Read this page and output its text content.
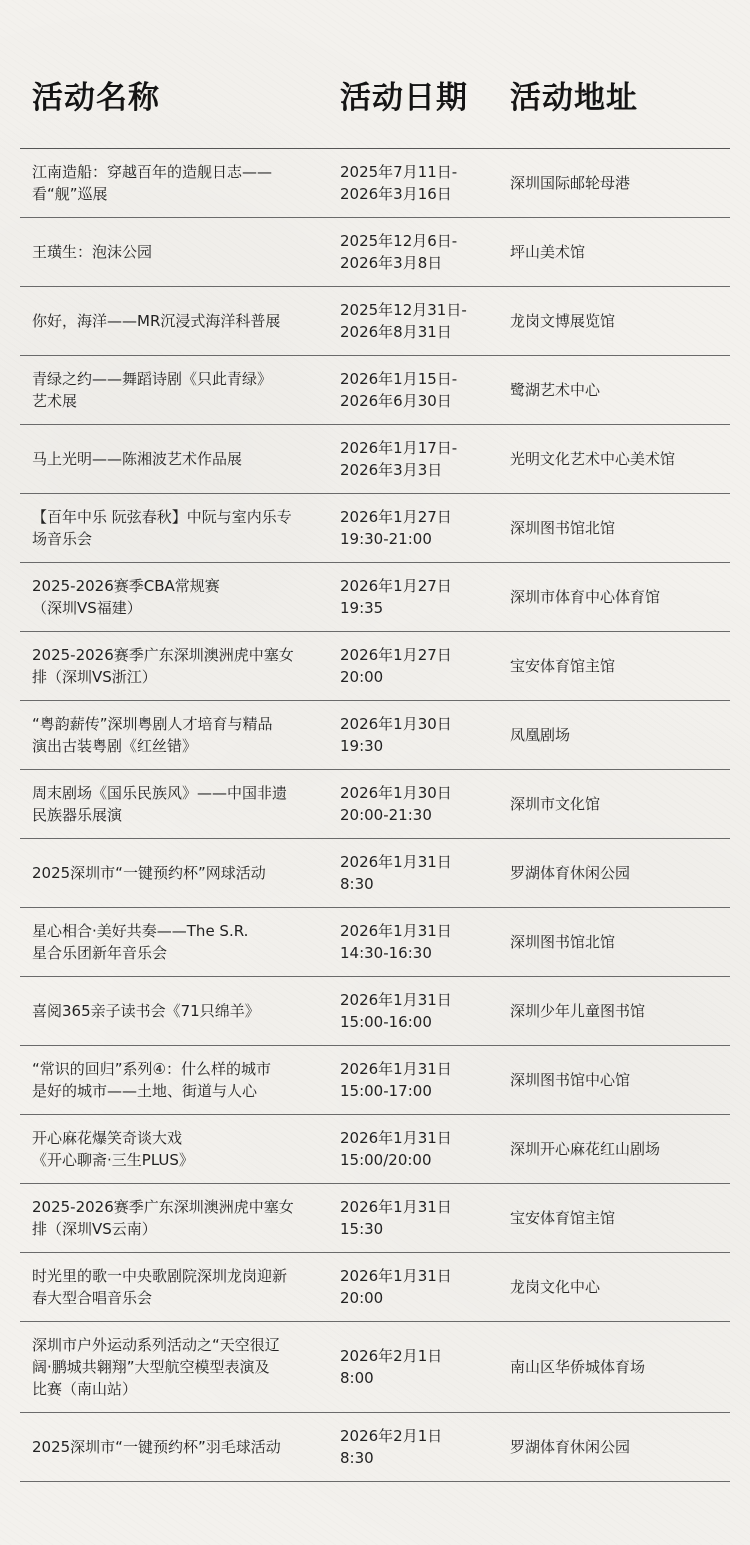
活动名称	活动日期 活动地址
江南造船：穿越百年的造舰日志——
看“舰”巡展
2025年7月11日-
2026年3月16日
深圳国际邮轮母港
王璜生：泡沫公园
2025年12月6日-
2026年3月8日
坪山美术馆
你好，海洋——MR沉浸式海洋科普展
2025年12月31日-
2026年8月31日
龙岗文博展览馆
青绿之约——舞蹈诗剧《只此青绿》
艺术展
2026年1月15日-
2026年6月30日
鹭湖艺术中心
马上光明——陈湘波艺术作品展
2026年1月17日-
2026年3月3日
光明文化艺术中心美术馆
【百年中乐 阮弦春秋】中阮与室内乐专
场音乐会
2026年1月27日
19:30-21:00
深圳图书馆北馆
2025-2026赛季CBA常规赛
（深圳VS福建）
2026年1月27日
19:35
深圳市体育中心体育馆
2025-2026赛季广东深圳澳洲虎中塞女
排（深圳VS浙江）
2026年1月27日
20:00
宝安体育馆主馆
“粤韵薪传”深圳粤剧人才培育与精品
演出古装粤剧《红丝错》
2026年1月30日
19:30
凤凰剧场
周末剧场《国乐民族风》——中国非遗
民族器乐展演
2026年1月30日
20:00-21:30
深圳市文化馆
2025深圳市“一键预约杯”网球活动
2026年1月31日
8:30
罗湖体育休闲公园
星心相合·美好共奏——The S.R.
星合乐团新年音乐会
2026年1月31日
14:30-16:30
深圳图书馆北馆
喜阅365亲子读书会《71只绵羊》
2026年1月31日
15:00-16:00
深圳少年儿童图书馆
“常识的回归”系列④：什么样的城市
是好的城市——土地、街道与人心
2026年1月31日
15:00-17:00
深圳图书馆中心馆
开心麻花爆笑奇谈大戏
《开心聊斋·三生PLUS》
2026年1月31日
15:00/20:00
深圳开心麻花红山剧场
2025-2026赛季广东深圳澳洲虎中塞女
排（深圳VS云南）
2026年1月31日
15:30
宝安体育馆主馆
时光里的歌一中央歌剧院深圳龙岗迎新
春大型合唱音乐会
2026年1月31日
20:00
龙岗文化中心
深圳市户外运动系列活动之“天空很辽
阔·鹏城共翱翔”大型航空模型表演及
比赛（南山站）
2026年2月1日
8:00
南山区华侨城体育场
2025深圳市“一键预约杯”羽毛球活动
2026年2月1日
8:30
罗湖体育休闲公园
